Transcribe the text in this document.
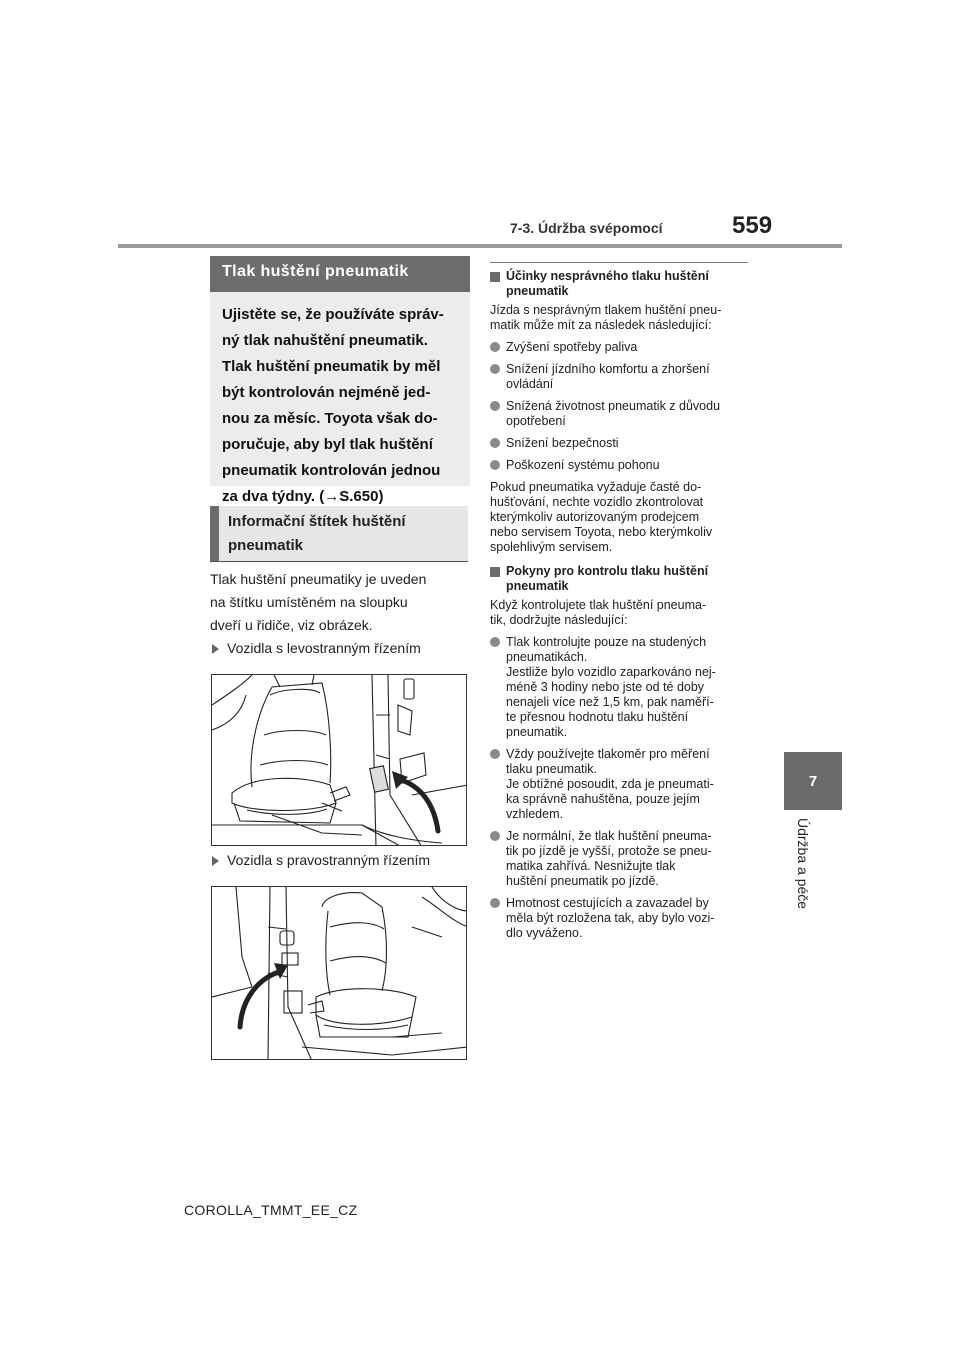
7-3. Údržba svépomocí	559
7
Údržba a péče
Tlak huštění pneumatik

Ujistěte se, že používáte správ-
ný tlak nahuštění pneumatik.
Tlak huštění pneumatik by měl
být kontrolován nejméně jed-
nou za měsíc. Toyota však do-
poručuje, aby byl tlak huštění
pneumatik kontrolován jednou
za dva týdny. (→S.650)

Informační štítek huštění
pneumatik
Tlak huštění pneumatiky je uveden
na štítku umístěném na sloupku
dveří u řidiče, viz obrázek.
Vozidla s levostranným řízením
Vozidla s pravostranným řízením
Účinky nesprávného tlaku huštění
pneumatik
Jízda s nesprávným tlakem huštění pneu-
matik může mít za následek následující:
Zvýšení spotřeby paliva
Snížení jízdního komfortu a zhoršení
ovládání
Snížená životnost pneumatik z důvodu
opotřebení
Snížení bezpečnosti
Poškození systému pohonu
Pokud pneumatika vyžaduje časté do-
hušťování, nechte vozidlo zkontrolovat
kterýmkoliv autorizovaným prodejcem
nebo servisem Toyota, nebo kterýmkoliv
spolehlivým servisem.
Pokyny pro kontrolu tlaku huštění
pneumatik
Když kontrolujete tlak huštění pneuma-
tik, dodržujte následující:
Tlak kontrolujte pouze na studených
pneumatikách.
Jestliže bylo vozidlo zaparkováno nej-
méně 3 hodiny nebo jste od té doby
nenajeli více než 1,5 km, pak naměří-
te přesnou hodnotu tlaku huštění
pneumatik.
Vždy používejte tlakoměr pro měření
tlaku pneumatik.
Je obtížné posoudit, zda je pneumati-
ka správně nahuštěna, pouze jejím
vzhledem.
Je normální, že tlak huštění pneuma-
tik po jízdě je vyšší, protože se pneu-
matika zahřívá. Nesnižujte tlak
huštění pneumatik po jízdě.
Hmotnost cestujících a zavazadel by
měla být rozložena tak, aby bylo vozi-
dlo vyváženo.
COROLLA_TMMT_EE_CZ
